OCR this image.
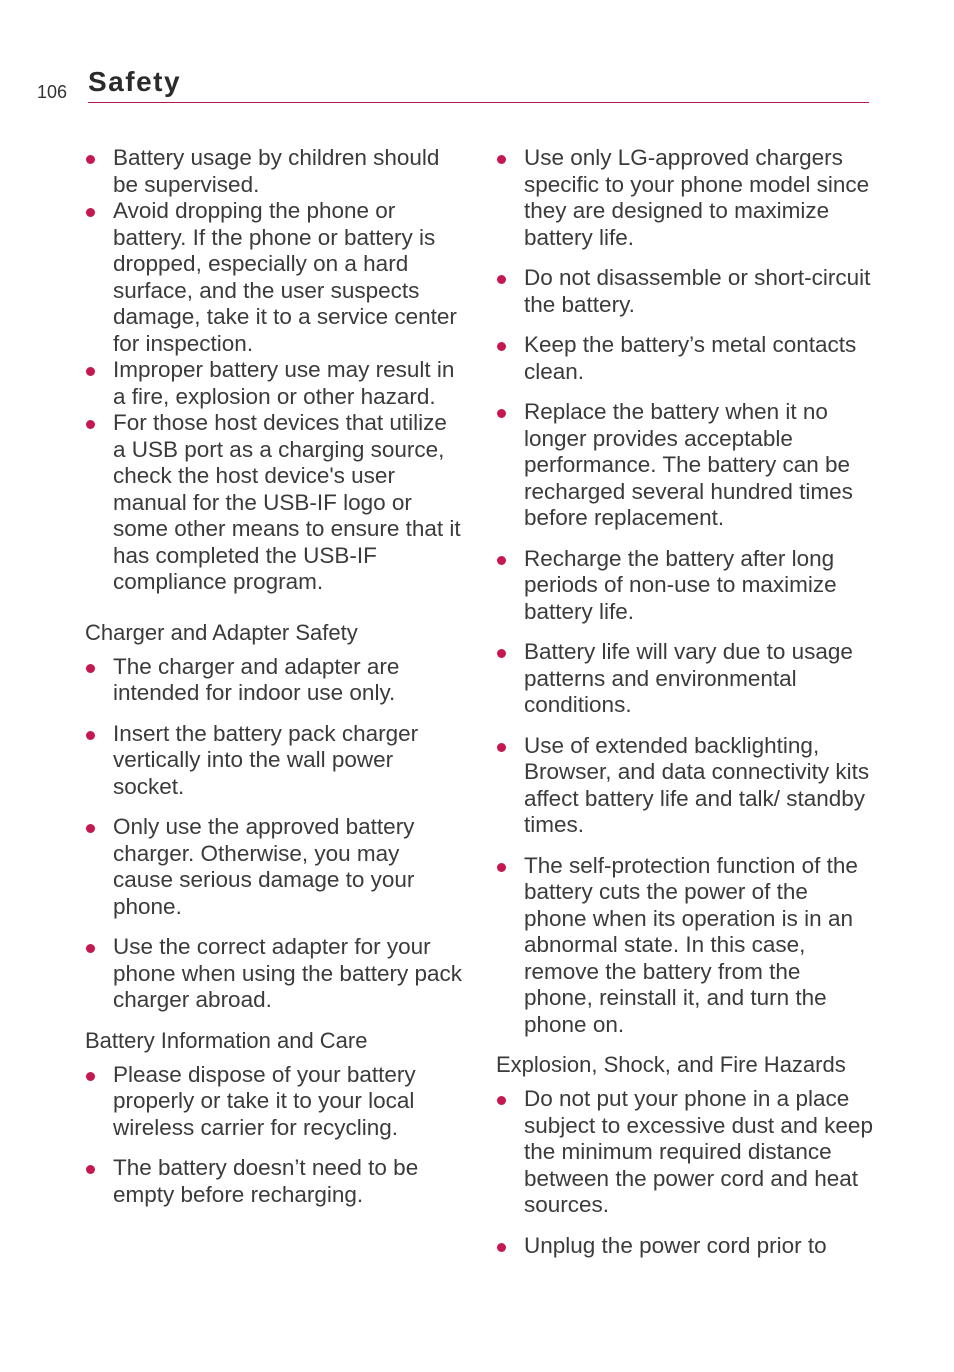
106 Safety
Battery usage by children should be supervised.
Avoid dropping the phone or battery. If the phone or battery is dropped, especially on a hard surface, and the user suspects damage, take it to a service center for inspection.
Improper battery use may result in a fire, explosion or other hazard.
For those host devices that utilize a USB port as a charging source, check the host device's user manual for the USB-IF logo or some other means to ensure that it has completed the USB-IF compliance program.
Charger and Adapter Safety
The charger and adapter are intended for indoor use only.
Insert the battery pack charger vertically into the wall power socket.
Only use the approved battery charger. Otherwise, you may cause serious damage to your phone.
Use the correct adapter for your phone when using the battery pack charger abroad.
Battery Information and Care
Please dispose of your battery properly or take it to your local wireless carrier for recycling.
The battery doesn’t need to be empty before recharging.
Use only LG-approved chargers specific to your phone model since they are designed to maximize battery life.
Do not disassemble or short-circuit the battery.
Keep the battery’s metal contacts clean.
Replace the battery when it no longer provides acceptable performance. The battery can be recharged several hundred times before replacement.
Recharge the battery after long periods of non-use to maximize battery life.
Battery life will vary due to usage patterns and environmental conditions.
Use of extended backlighting, Browser, and data connectivity kits affect battery life and talk/ standby times.
The self-protection function of the battery cuts the power of the phone when its operation is in an abnormal state. In this case, remove the battery from the phone, reinstall it, and turn the phone on.
Explosion, Shock, and Fire Hazards
Do not put your phone in a place subject to excessive dust and keep the minimum required distance between the power cord and heat sources.
Unplug the power cord prior to
